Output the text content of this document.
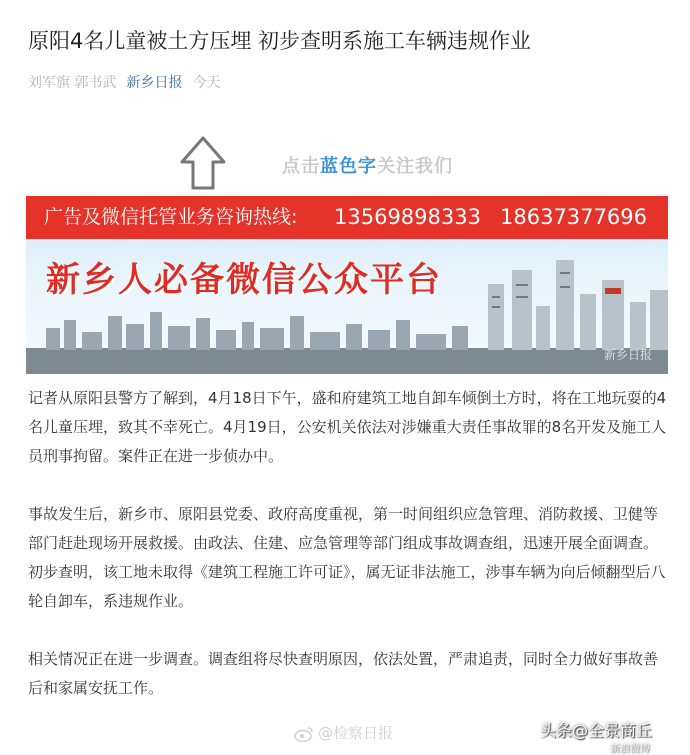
原阳4名儿童被土方压埋 初步查明系施工车辆违规作业
刘军旗 郭书武 新乡日报 今天
点击蓝色字关注我们
广告及微信托管业务咨询热线: 13569898333 18637377696
新乡人必备微信公众平台
新乡日报

记者从原阳县警方了解到，4月18日下午，盛和府建筑工地自卸车倾倒土方时，将在工地玩耍的4名儿童压埋，致其不幸死亡。4月19日，公安机关依法对涉嫌重大责任事故罪的8名开发及施工人员刑事拘留。案件正在进一步侦办中。

事故发生后，新乡市、原阳县党委、政府高度重视，第一时间组织应急管理、消防救援、卫健等部门赶赴现场开展救援。由政法、住建、应急管理等部门组成事故调查组，迅速开展全面调查。初步查明，该工地未取得《建筑工程施工许可证》，属无证非法施工，涉事车辆为向后倾翻型后八轮自卸车，系违规作业。

相关情况正在进一步调查。调查组将尽快查明原因，依法处置，严肃追责，同时全力做好事故善后和家属安抚工作。

@检察日报	头条@全景商丘
新浪微博
